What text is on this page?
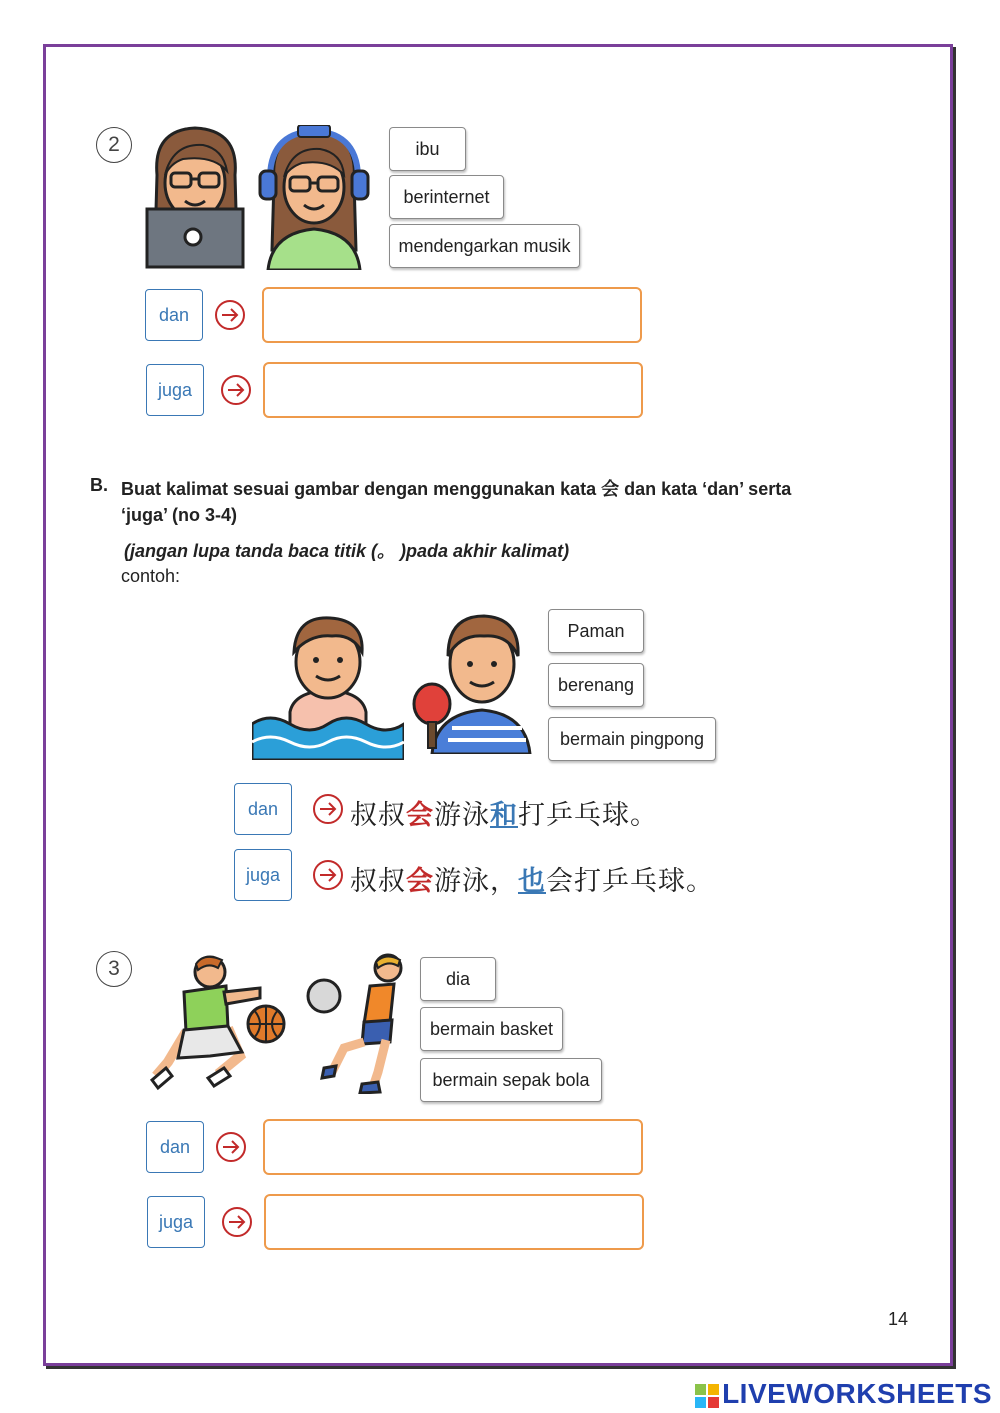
2	ibu
berinternet
mendengarkan musik
dan
juga
B. Buat kalimat sesuai gambar dengan menggunakan kata 会 dan kata ‘dan’ serta
‘juga’ (no 3-4)
(jangan lupa tanda baca titik (。 )pada akhir kalimat)
contoh:
Paman
berenang
bermain pingpong
dan	叔叔会游泳和打乒乓球。
juga	叔叔会游泳，也会打乒乓球。
3	dia
bermain basket
bermain sepak bola
dan
juga
14
LIVEWORKSHEETS
